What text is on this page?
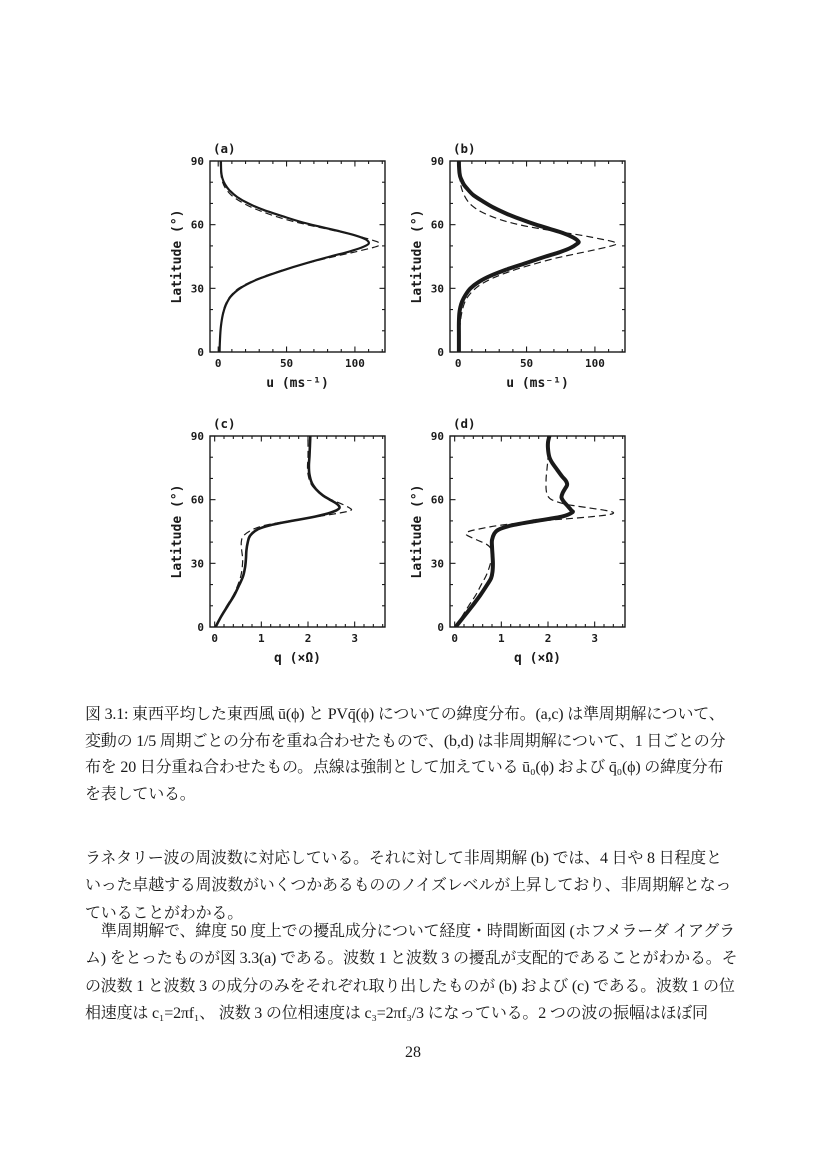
0	50	100
0
30
60
90
(a)
u (ms⁻¹)
Latitude (°)
0	50	100
0
30
60
90
(b)
u (ms⁻¹)
Latitude (°)
0	1	2	3
0
30
60
90
(c)
q (×Ω)
Latitude (°)
0	1	2	3
0
30
60
90
(d)
q (×Ω)
Latitude (°)
図 3.1: 東西平均した東西風 ū(ϕ) と PVq̄(ϕ) についての緯度分布。(a,c) は準周期解について、
変動の 1/5 周期ごとの分布を重ね合わせたもので、(b,d) は非周期解について、1 日ごとの分
布を 20 日分重ね合わせたもの。点線は強制として加えている ū₀(ϕ) および q̄₀(ϕ) の緯度分布
を表している。
ラネタリー波の周波数に対応している。それに対して非周期解 (b) では、4 日や 8 日程度と
いった卓越する周波数がいくつかあるもののノイズレベルが上昇しており、非周期解となっ
ていることがわかる。
　準周期解で、緯度 50 度上での擾乱成分について経度・時間断面図 (ホフメラーダ イアグラ
ム) をとったものが図 3.3(a) である。波数 1 と波数 3 の擾乱が支配的であることがわかる。そ
の波数 1 と波数 3 の成分のみをそれぞれ取り出したものが (b) および (c) である。波数 1 の位
相速度は c₁=2πf₁、 波数 3 の位相速度は c₃=2πf₃/3 になっている。2 つの波の振幅はほぼ同
28
